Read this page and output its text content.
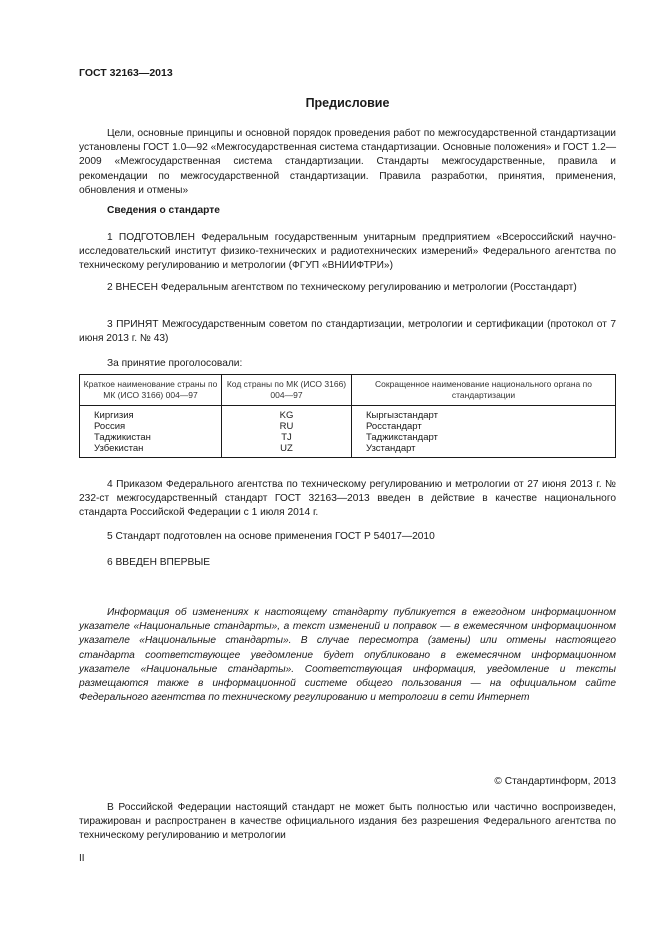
ГОСТ 32163—2013
Предисловие

Цели, основные принципы и основной порядок проведения работ по межгосударственной стандартизации установлены ГОСТ 1.0—92 «Межгосударственная система стандартизации. Основные положения» и ГОСТ 1.2—2009 «Межгосударственная система стандартизации. Стандарты межгосударственные, правила и рекомендации по межгосударственной стандартизации. Правила разработки, принятия, применения, обновления и отмены»

Сведения о стандарте

1 ПОДГОТОВЛЕН Федеральным государственным унитарным предприятием «Всероссийский научно-исследовательский институт физико-технических и радиотехнических измерений» Федерального агентства по техническому регулированию и метрологии (ФГУП «ВНИИФТРИ»)

2 ВНЕСЕН Федеральным агентством по техническому регулированию и метрологии (Росстандарт)

3 ПРИНЯТ Межгосударственным советом по стандартизации, метрологии и сертификации (протокол от 7 июня 2013 г. № 43)

За принятие проголосовали:
Краткое наименование страны по МК (ИСО 3166) 004—97	Код страны по МК (ИСО 3166) 004—97	Сокращенное наименование национального органа по стандартизации
Киргизия	KG	Кыргызстандарт
Россия	RU	Росстандарт
Таджикистан	TJ	Таджикстандарт
Узбекистан	UZ	Узстандарт

4 Приказом Федерального агентства по техническому регулированию и метрологии от 27 июня 2013 г. № 232-ст межгосударственный стандарт ГОСТ 32163—2013 введен в действие в качестве национального стандарта Российской Федерации с 1 июля 2014 г.

5 Стандарт подготовлен на основе применения ГОСТ Р 54017—2010

6 ВВЕДЕН ВПЕРВЫЕ

Информация об изменениях к настоящему стандарту публикуется в ежегодном информационном указателе «Национальные стандарты», а текст изменений и поправок — в ежемесячном информационном указателе «Национальные стандарты». В случае пересмотра (замены) или отмены настоящего стандарта соответствующее уведомление будет опубликовано в ежемесячном информационном указателе «Национальные стандарты». Соответствующая информация, уведомление и тексты размещаются также в информационной системе общего пользования — на официальном сайте Федерального агентства по техническому регулированию и метрологии в сети Интернет

© Стандартинформ, 2013

В Российской Федерации настоящий стандарт не может быть полностью или частично воспроизведен, тиражирован и распространен в качестве официального издания без разрешения Федерального агентства по техническому регулированию и метрологии

II
